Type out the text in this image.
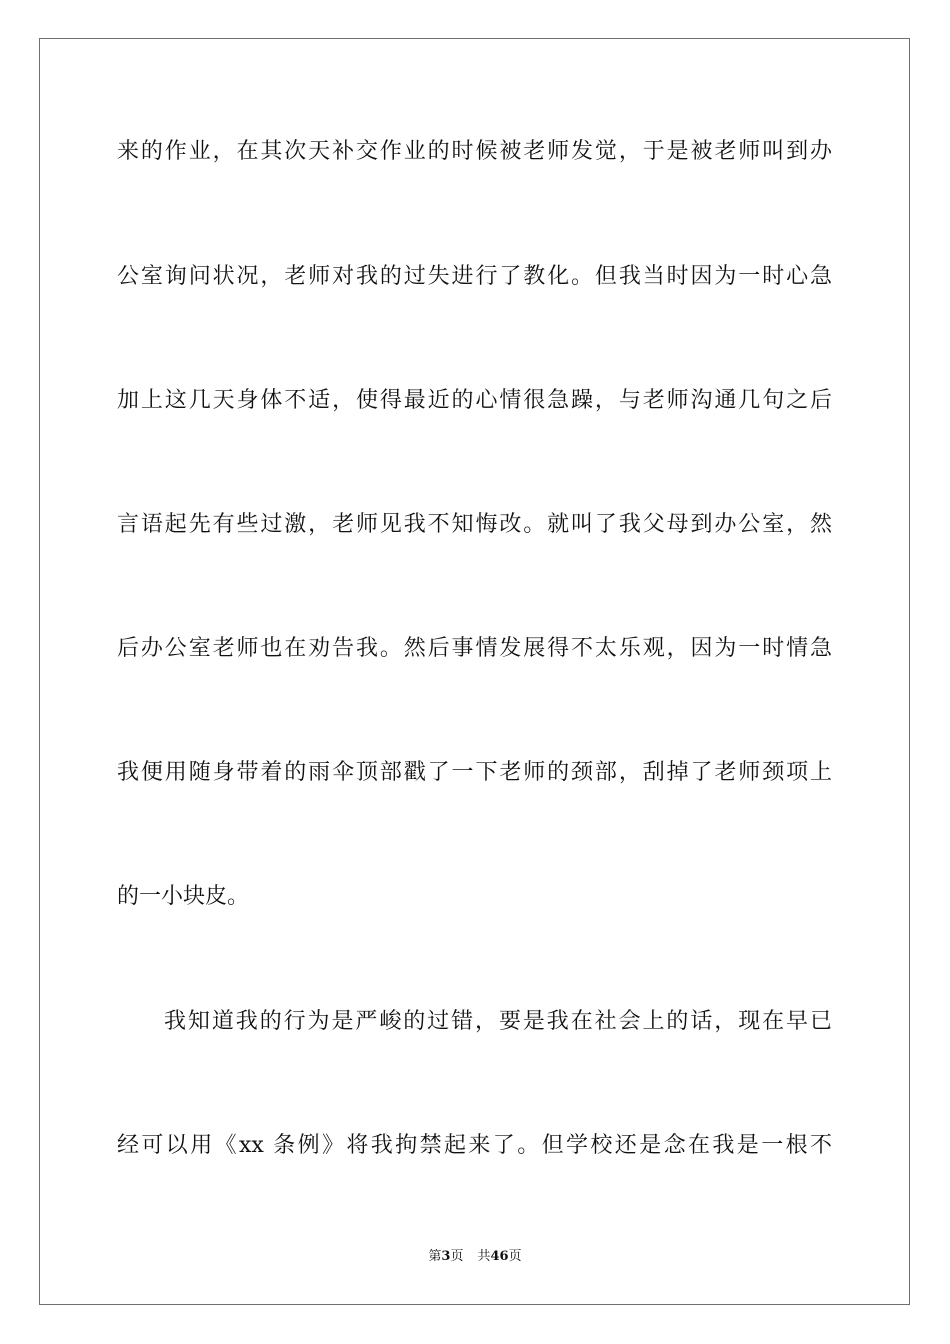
来的作业，在其次天补交作业的时候被老师发觉，于是被老师叫到办
公室询问状况，老师对我的过失进行了教化。但我当时因为一时心急
加上这几天身体不适，使得最近的心情很急躁，与老师沟通几句之后
言语起先有些过激，老师见我不知悔改。就叫了我父母到办公室，然
后办公室老师也在劝告我。然后事情发展得不太乐观，因为一时情急
我便用随身带着的雨伞顶部戳了一下老师的颈部，刮掉了老师颈项上
的一小块皮。
我知道我的行为是严峻的过错，要是我在社会上的话，现在早已
经可以用《xx 条例》将我拘禁起来了。但学校还是念在我是一根不
第3页 共46页
